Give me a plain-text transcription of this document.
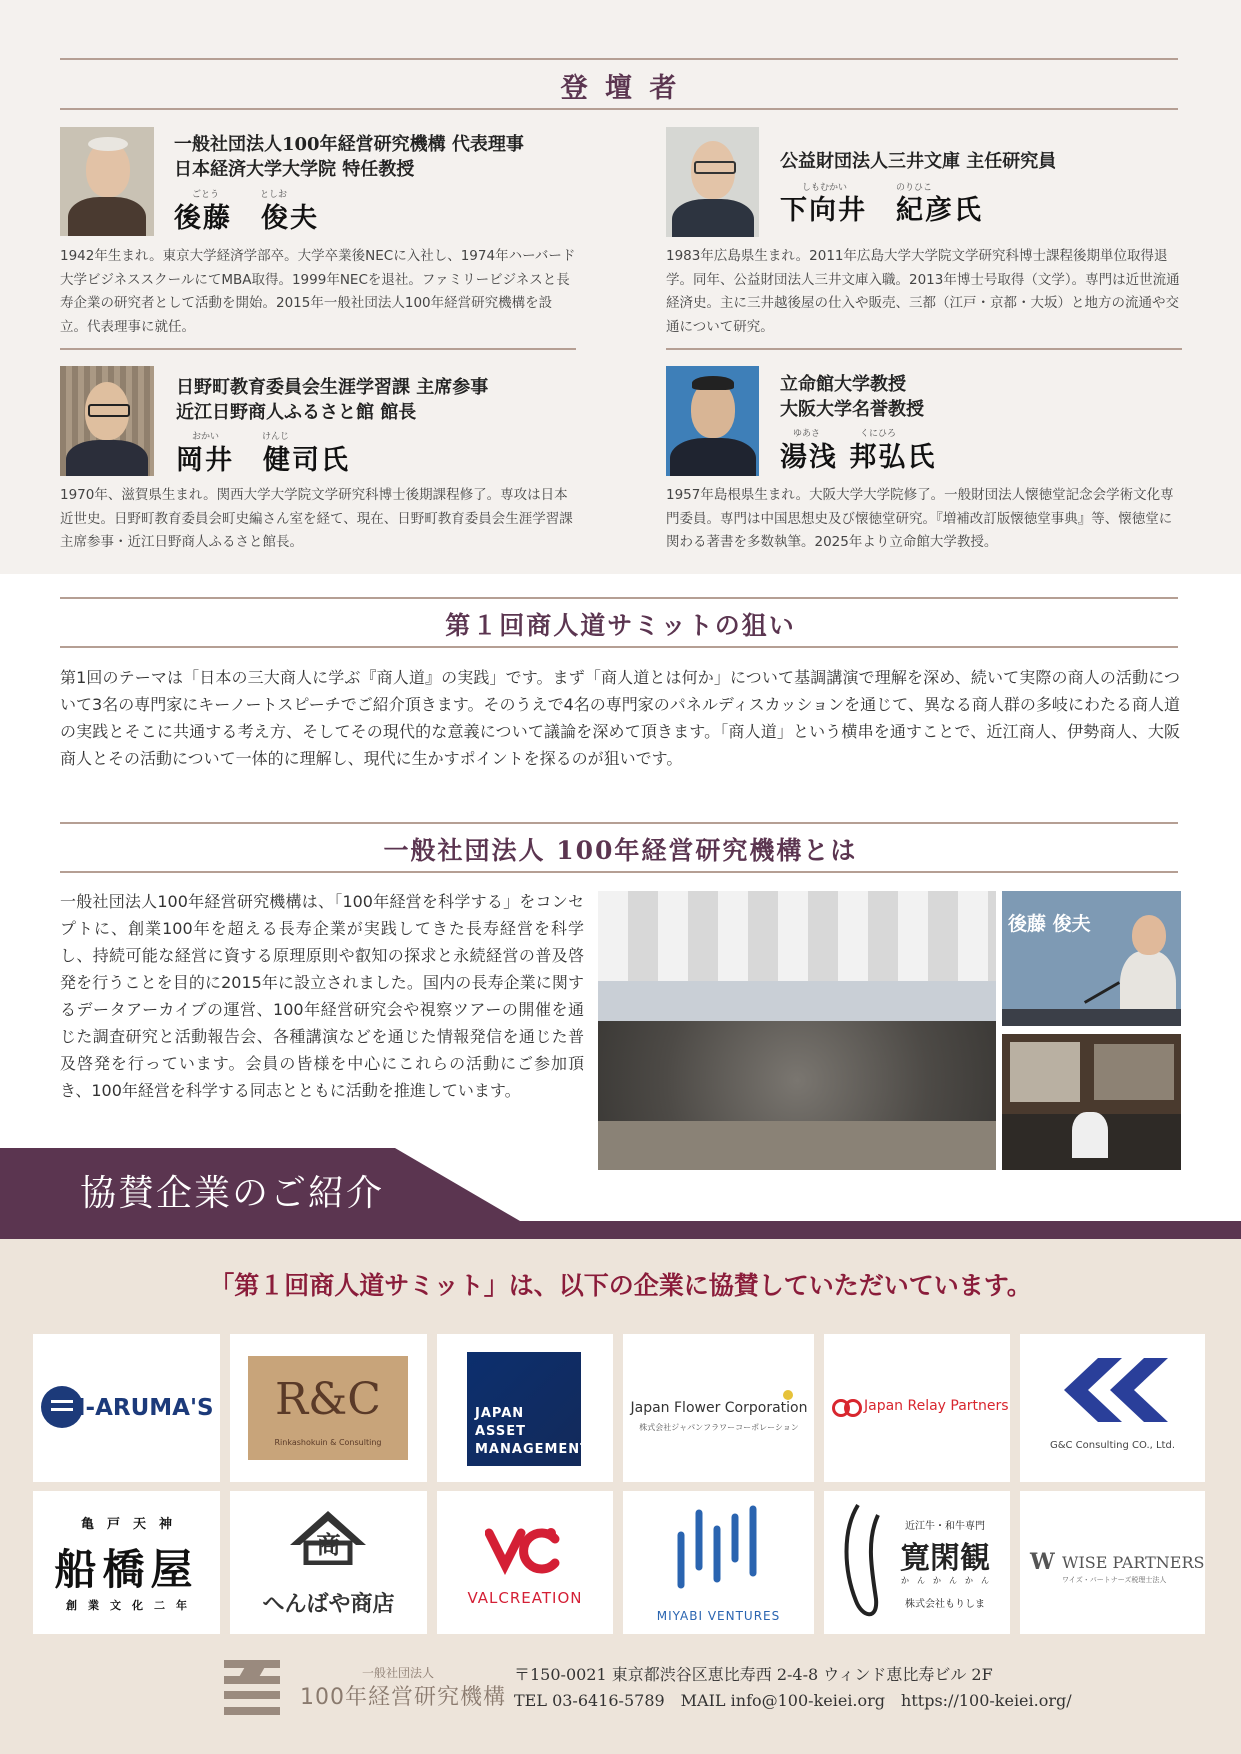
登 壇 者
一般社団法人100年経営研究機構 代表理事
日本経済大学大学院 特任教授
ごとう	としお
後藤　俊夫
1942年生まれ。東京大学経済学部卒。大学卒業後NECに入社し、1974年ハーバード大学ビジネススクールにてMBA取得。1999年NECを退社。ファミリービジネスと長寿企業の研究者として活動を開始。2015年一般社団法人100年経営研究機構を設立。代表理事に就任。
公益財団法人三井文庫 主任研究員
しもむかい	のりひこ
下向井　紀彦氏
1983年広島県生まれ。2011年広島大学大学院文学研究科博士課程後期単位取得退学。同年、公益財団法人三井文庫入職。2013年博士号取得（文学）。専門は近世流通経済史。主に三井越後屋の仕入や販売、三都（江戸・京都・大坂）と地方の流通や交通について研究。
日野町教育委員会生涯学習課 主席参事
近江日野商人ふるさと館 館長
おかい	けんじ
岡井　健司氏
1970年、滋賀県生まれ。関西大学大学院文学研究科博士後期課程修了。専攻は日本近世史。日野町教育委員会町史編さん室を経て、現在、日野町教育委員会生涯学習課主席参事・近江日野商人ふるさと館長。
立命館大学教授
大阪大学名誉教授
ゆあさ	くにひろ
湯浅 邦弘氏
1957年島根県生まれ。大阪大学大学院修了。一般財団法人懐徳堂記念会学術文化専門委員。専門は中国思想史及び懐徳堂研究。『増補改訂版懐徳堂事典』等、懐徳堂に関わる著書を多数執筆。2025年より立命館大学教授。
第１回商人道サミットの狙い
第1回のテーマは「日本の三大商人に学ぶ『商人道』の実践」です。まず「商人道とは何か」について基調講演で理解を深め、続いて実際の商人の活動について3名の専門家にキーノートスピーチでご紹介頂きます。そのうえで4名の専門家のパネルディスカッションを通じて、異なる商人群の多岐にわたる商人道の実践とそこに共通する考え方、そしてその現代的な意義について議論を深めて頂きます。「商人道」という横串を通すことで、近江商人、伊勢商人、大阪商人とその活動について一体的に理解し、現代に生かすポイントを探るのが狙いです。
一般社団法人 100年経営研究機構とは
一般社団法人100年経営研究機構は、「100年経営を科学する」をコンセプトに、創業100年を超える長寿企業が実践してきた長寿経営を科学し、持続可能な経営に資する原理原則や叡知の探求と永続経営の普及啓発を行うことを目的に2015年に設立されました。国内の長寿企業に関するデータアーカイブの運営、100年経営研究会や視察ツアーの開催を通じた調査研究と活動報告会、各種講演などを通じた情報発信を通じた普及啓発を行っています。会員の皆様を中心にこれらの活動にご参加頂き、100年経営を科学する同志とともに活動を推進しています。
後藤 俊夫
協賛企業のご紹介
「第１回商人道サミット」は、以下の企業に協賛していただいています。
I-ARUMA'S	R&C
Rinkashokuin & Consulting
JAPAN
ASSET
MANAGEMENT
Japan Flower Corporation
株式会社ジャパンフラワーコーポレーション
Japan Relay Partners
G&C Consulting CO., Ltd.
亀　戸　天　神
船橋屋
創　業　文　化　二　年
商
へんばや商店	VALCREATION
MIYABI VENTURES
近江牛・和牛専門
寛閑観
か　ん　か　ん　か　ん
株式会社もりしま
W WISE PARTNERS
ワイズ・パートナーズ税理士法人
一般社団法人
100年経営研究機構
〒150-0021 東京都渋谷区恵比寿西 2-4-8 ウィンド恵比寿ビル 2F
TEL 03-6416-5789　MAIL info@100-keiei.org　https://100-keiei.org/
